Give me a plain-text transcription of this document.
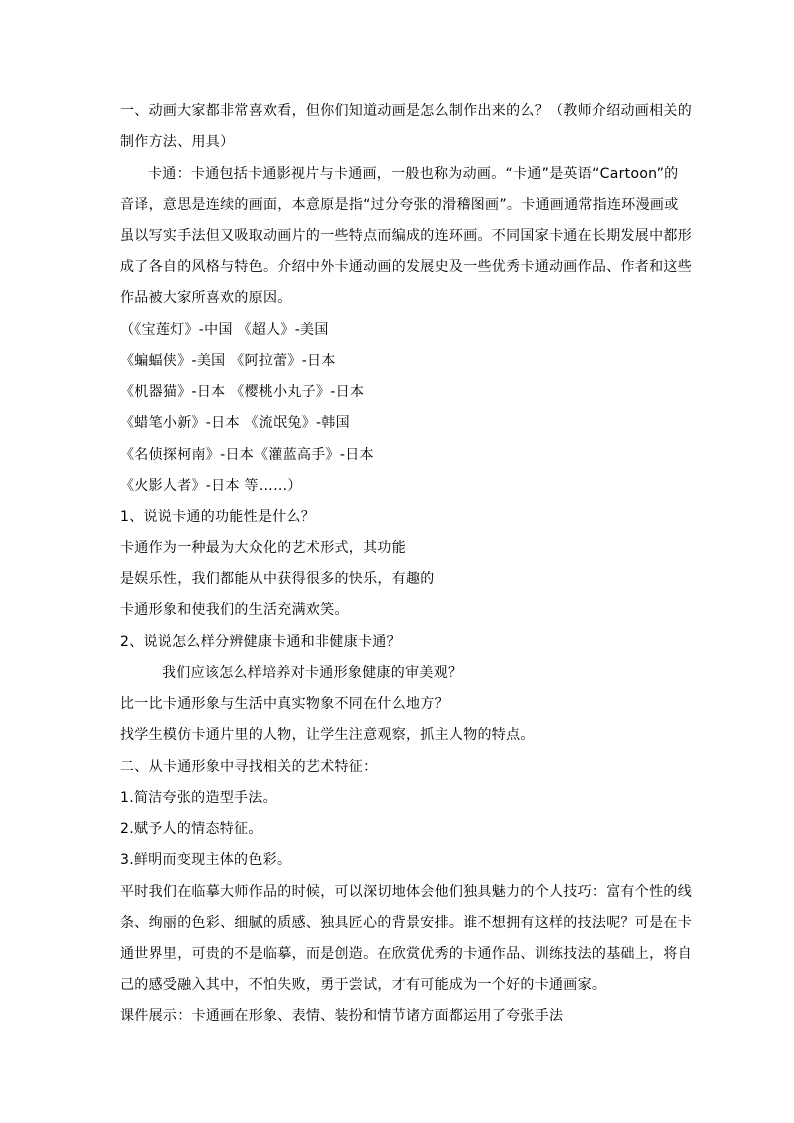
一、动画大家都非常喜欢看，但你们知道动画是怎么制作出来的么？（教师介绍动画相关的
制作方法、用具）
卡通：卡通包括卡通影视片与卡通画，一般也称为动画。“卡通”是英语“Cartoon”的
音译，意思是连续的画面，本意原是指“过分夸张的滑稽图画”。卡通画通常指连环漫画或
虽以写实手法但又吸取动画片的一些特点而编成的连环画。不同国家卡通在长期发展中都形
成了各自的风格与特色。介绍中外卡通动画的发展史及一些优秀卡通动画作品、作者和这些
作品被大家所喜欢的原因。
（《宝莲灯》-中国 《超人》-美国
《蝙蝠侠》-美国 《阿拉蕾》-日本
《机器猫》-日本 《樱桃小丸子》-日本
《蜡笔小新》-日本 《流氓兔》-韩国
《名侦探柯南》-日本《灌蓝高手》-日本
《火影人者》-日本 等……）
1、说说卡通的功能性是什么？
卡通作为一种最为大众化的艺术形式，其功能
是娱乐性，我们都能从中获得很多的快乐，有趣的
卡通形象和使我们的生活充满欢笑。
2、说说怎么样分辨健康卡通和非健康卡通？
我们应该怎么样培养对卡通形象健康的审美观？
比一比卡通形象与生活中真实物象不同在什么地方？
找学生模仿卡通片里的人物，让学生注意观察，抓主人物的特点。
二、从卡通形象中寻找相关的艺术特征：
1.简洁夸张的造型手法。
2.赋予人的情态特征。
3.鲜明而变现主体的色彩。
平时我们在临摹大师作品的时候，可以深切地体会他们独具魅力的个人技巧：富有个性的线
条、绚丽的色彩、细腻的质感、独具匠心的背景安排。谁不想拥有这样的技法呢？可是在卡
通世界里，可贵的不是临摹，而是创造。在欣赏优秀的卡通作品、训练技法的基础上，将自
己的感受融入其中，不怕失败，勇于尝试，才有可能成为一个好的卡通画家。
课件展示：卡通画在形象、表情、装扮和情节诸方面都运用了夸张手法
